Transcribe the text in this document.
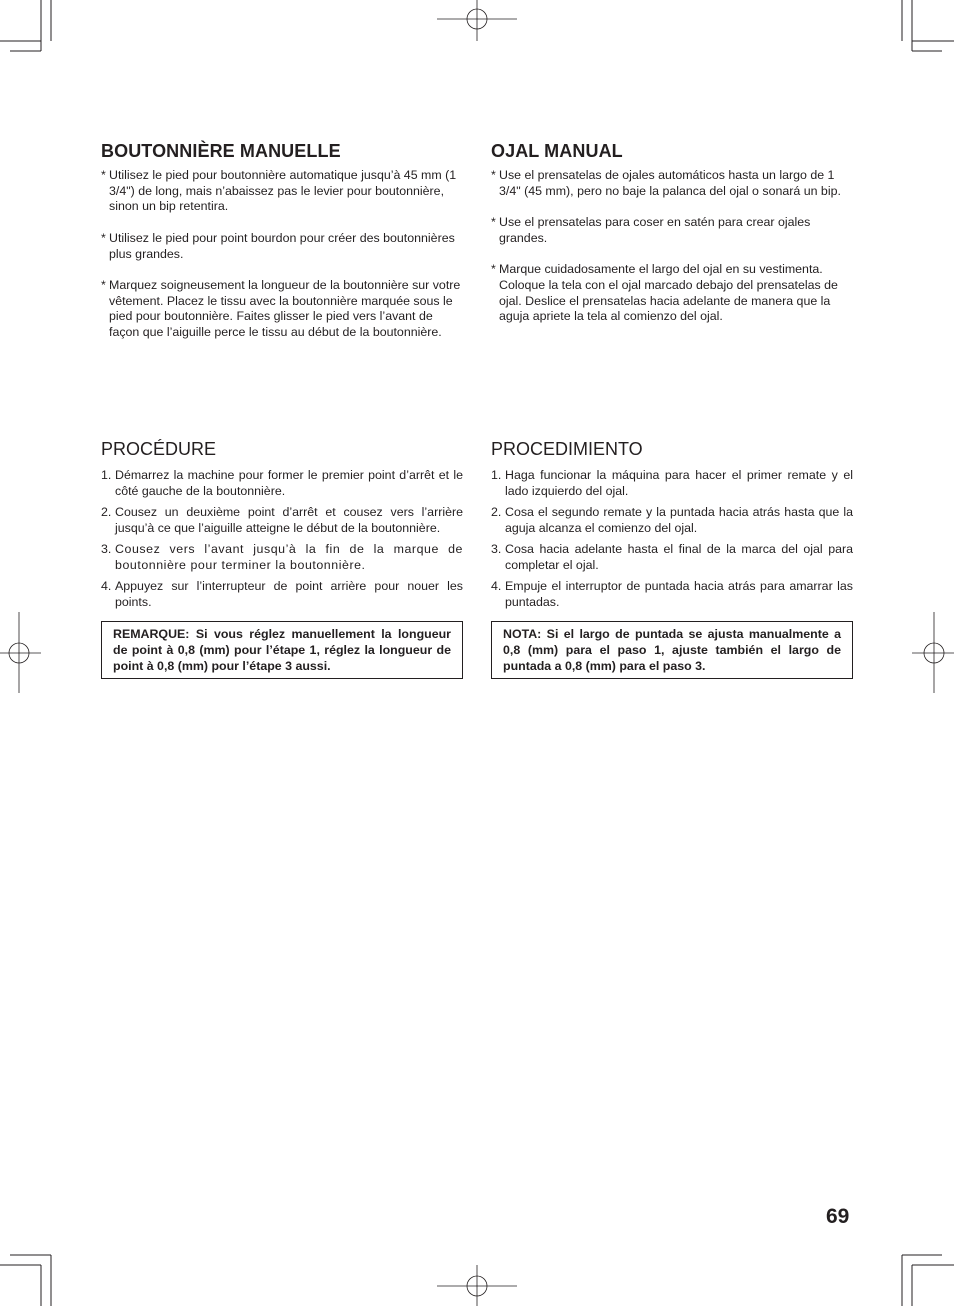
BOUTONNIÈRE MANUELLE

* Utilisez le pied pour boutonnière automatique jusqu’à 45 mm (1 3/4") de long, mais n’abaissez pas le levier pour boutonnière, sinon un bip retentira.

* Utilisez le pied pour point bourdon pour créer des boutonnières plus grandes.

* Marquez soigneusement la longueur de la boutonnière sur votre vêtement. Placez le tissu avec la boutonnière marquée sous le pied pour boutonnière. Faites glisser le pied vers l’avant de façon que l’aiguille perce le tissu au début de la boutonnière.

PROCÉDURE

1. Démarrez la machine pour former le premier point d’arrêt et le côté gauche de la boutonnière.

2. Cousez un deuxième point d’arrêt et cousez vers l’arrière jusqu’à ce que l’aiguille atteigne le début de la boutonnière.

3. Cousez vers l’avant jusqu’à la fin de la marque de boutonnière pour terminer la boutonnière.

4. Appuyez sur l’interrupteur de point arrière pour nouer les points.

REMARQUE: Si vous réglez manuellement la longueur de point à 0,8 (mm) pour l’étape 1, réglez la longueur de point à 0,8 (mm) pour l’étape 3 aussi.
OJAL MANUAL

* Use el prensatelas de ojales automáticos hasta un largo de 1 3/4" (45 mm), pero no baje la palanca del ojal o sonará un bip.

* Use el prensatelas para coser en satén para crear ojales grandes.

* Marque cuidadosamente el largo del ojal en su vestimenta. Coloque la tela con el ojal marcado debajo del prensatelas de ojal. Deslice el prensatelas hacia adelante de manera que la aguja apriete la tela al comienzo del ojal.

PROCEDIMIENTO

1. Haga funcionar la máquina para hacer el primer remate y el lado izquierdo del ojal.

2. Cosa el segundo remate y la puntada hacia atrás hasta que la aguja alcanza el comienzo del ojal.

3. Cosa hacia adelante hasta el final de la marca del ojal para completar el ojal.

4. Empuje el interruptor de puntada hacia atrás para amarrar las puntadas.

NOTA: Si el largo de puntada se ajusta manualmente a 0,8 (mm) para el paso 1, ajuste también el largo de puntada a 0,8 (mm) para el paso 3.
69
